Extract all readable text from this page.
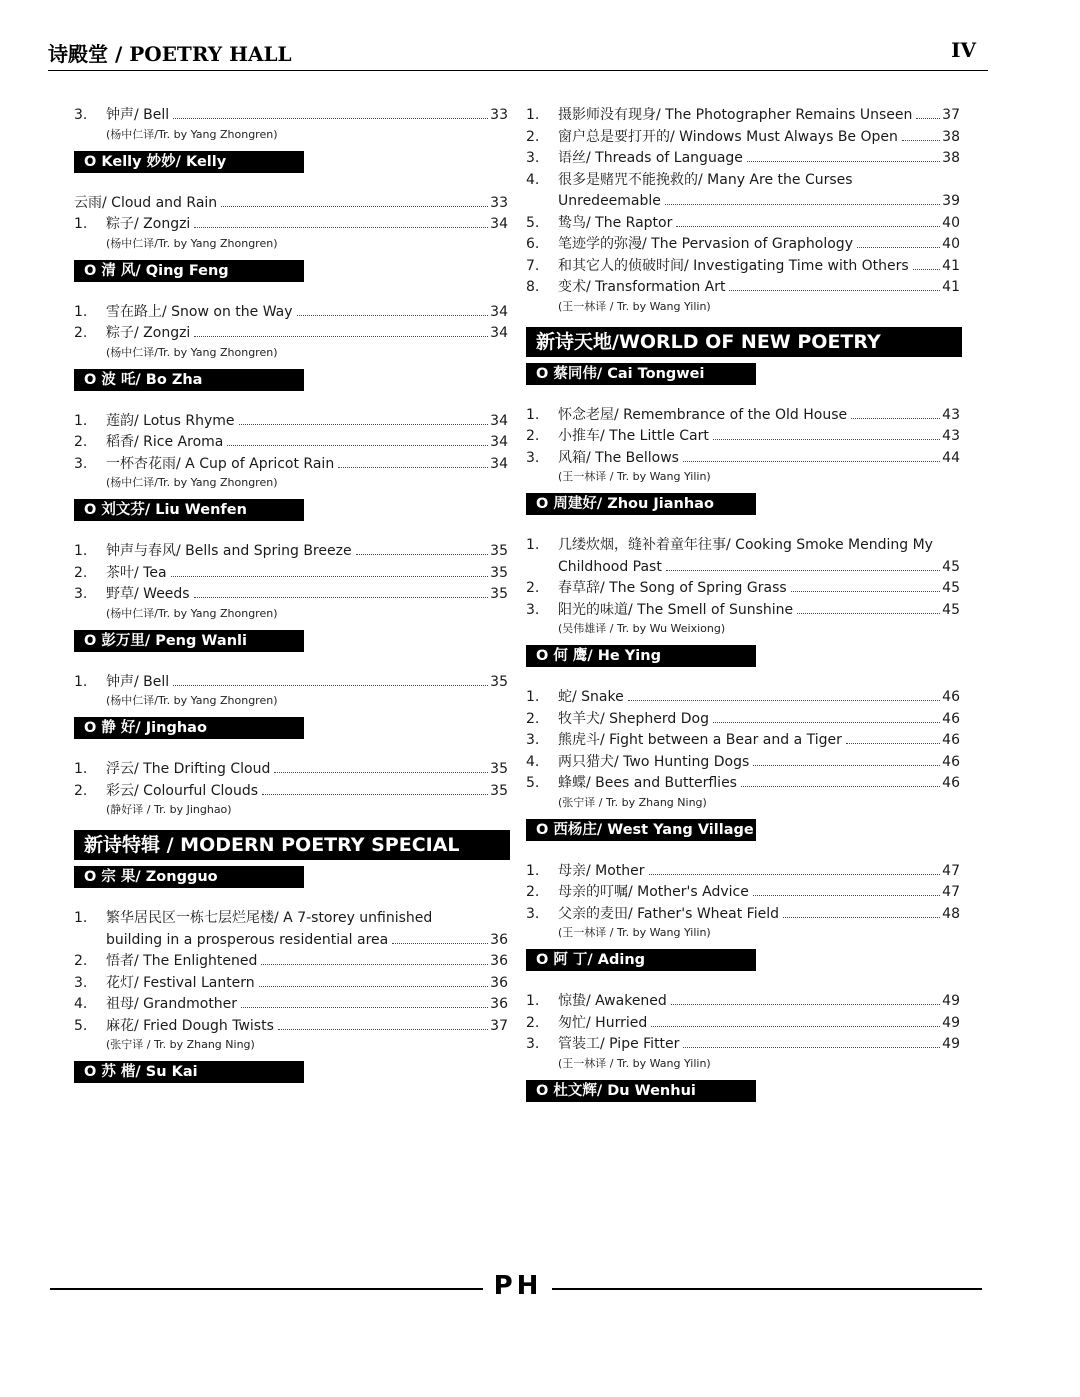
诗殿堂 / POETRY HALL	IV
3.	钟声/ Bell	33
(杨中仁译/Tr. by Yang Zhongren)
O Kelly 妙妙/ Kelly Miaomiao
云雨/ Cloud and Rain	33
1.	粽子/ Zongzi	34
(杨中仁译/Tr. by Yang Zhongren)
O 清 风/ Qing Feng
1.	雪在路上/ Snow on the Way	34
2.	粽子/ Zongzi	34
(杨中仁译/Tr. by Yang Zhongren)
O 波 吒/ Bo Zha
1.	莲韵/ Lotus Rhyme	34
2.	稻香/ Rice Aroma	34
3.	一杯杏花雨/ A Cup of Apricot Rain	34
(杨中仁译/Tr. by Yang Zhongren)
O 刘文芬/ Liu Wenfen
1.	钟声与春风/ Bells and Spring Breeze	35
2.	茶叶/ Tea	35
3.	野草/ Weeds	35
(杨中仁译/Tr. by Yang Zhongren)
O 彭万里/ Peng Wanli
1.	钟声/ Bell	35
(杨中仁译/Tr. by Yang Zhongren)
O 静 好/ Jinghao
1.	浮云/ The Drifting Cloud	35
2.	彩云/ Colourful Clouds	35
(静好译 / Tr. by Jinghao)
新诗特辑 / MODERN POETRY SPECIAL
O 宗 果/ Zongguo
1.	繁华居民区一栋七层烂尾楼/ A 7-storey unfinished
building in a prosperous residential area	36
2.	悟者/ The Enlightened	36
3.	花灯/ Festival Lantern	36
4.	祖母/ Grandmother	36
5.	麻花/ Fried Dough Twists	37
(张宁译 / Tr. by Zhang Ning)
O 苏 楷/ Su Kai
1.	摄影师没有现身/ The Photographer Remains Unseen 37
2.	窗户总是要打开的/ Windows Must Always Be Open	38
3.	语丝/ Threads of Language	38
4.	很多是赌咒不能挽救的/ Many Are the Curses
Unredeemable	39
5.	鸷鸟/ The Raptor	40
6.	笔迹学的弥漫/ The Pervasion of Graphology	40
7.	和其它人的侦破时间/ Investigating Time with Others 41
8.	变术/ Transformation Art	41
(王一林译 / Tr. by Wang Yilin)
新诗天地/WORLD OF NEW POETRY
O 蔡同伟/ Cai Tongwei
1.	怀念老屋/ Remembrance of the Old House	43
2.	小推车/ The Little Cart	43
3.	风箱/ The Bellows	44
(王一林译 / Tr. by Wang Yilin)
O 周建好/ Zhou Jianhao
1.	几缕炊烟，缝补着童年往事/ Cooking Smoke Mending My
Childhood Past	45
2.	春草辞/ The Song of Spring Grass	45
3.	阳光的味道/ The Smell of Sunshine	45
(吴伟雄译 / Tr. by Wu Weixiong)
O 何 鹰/ He Ying
1.	蛇/ Snake	46
2.	牧羊犬/ Shepherd Dog	46
3.	熊虎斗/ Fight between a Bear and a Tiger	46
4.	两只猎犬/ Two Hunting Dogs	46
5.	蜂蝶/ Bees and Butterflies	46
(张宁译 / Tr. by Zhang Ning)
O 西杨庄/ West Yang Village
1.	母亲/ Mother	47
2.	母亲的叮嘱/ Mother's Advice	47
3.	父亲的麦田/ Father's Wheat Field	48
(王一林译 / Tr. by Wang Yilin)
O 阿 丁/ Ading
1.	惊蛰/ Awakened	49
2.	匆忙/ Hurried	49
3.	管装工/ Pipe Fitter	49
(王一林译 / Tr. by Wang Yilin)
O 杜文辉/ Du Wenhui
PH
